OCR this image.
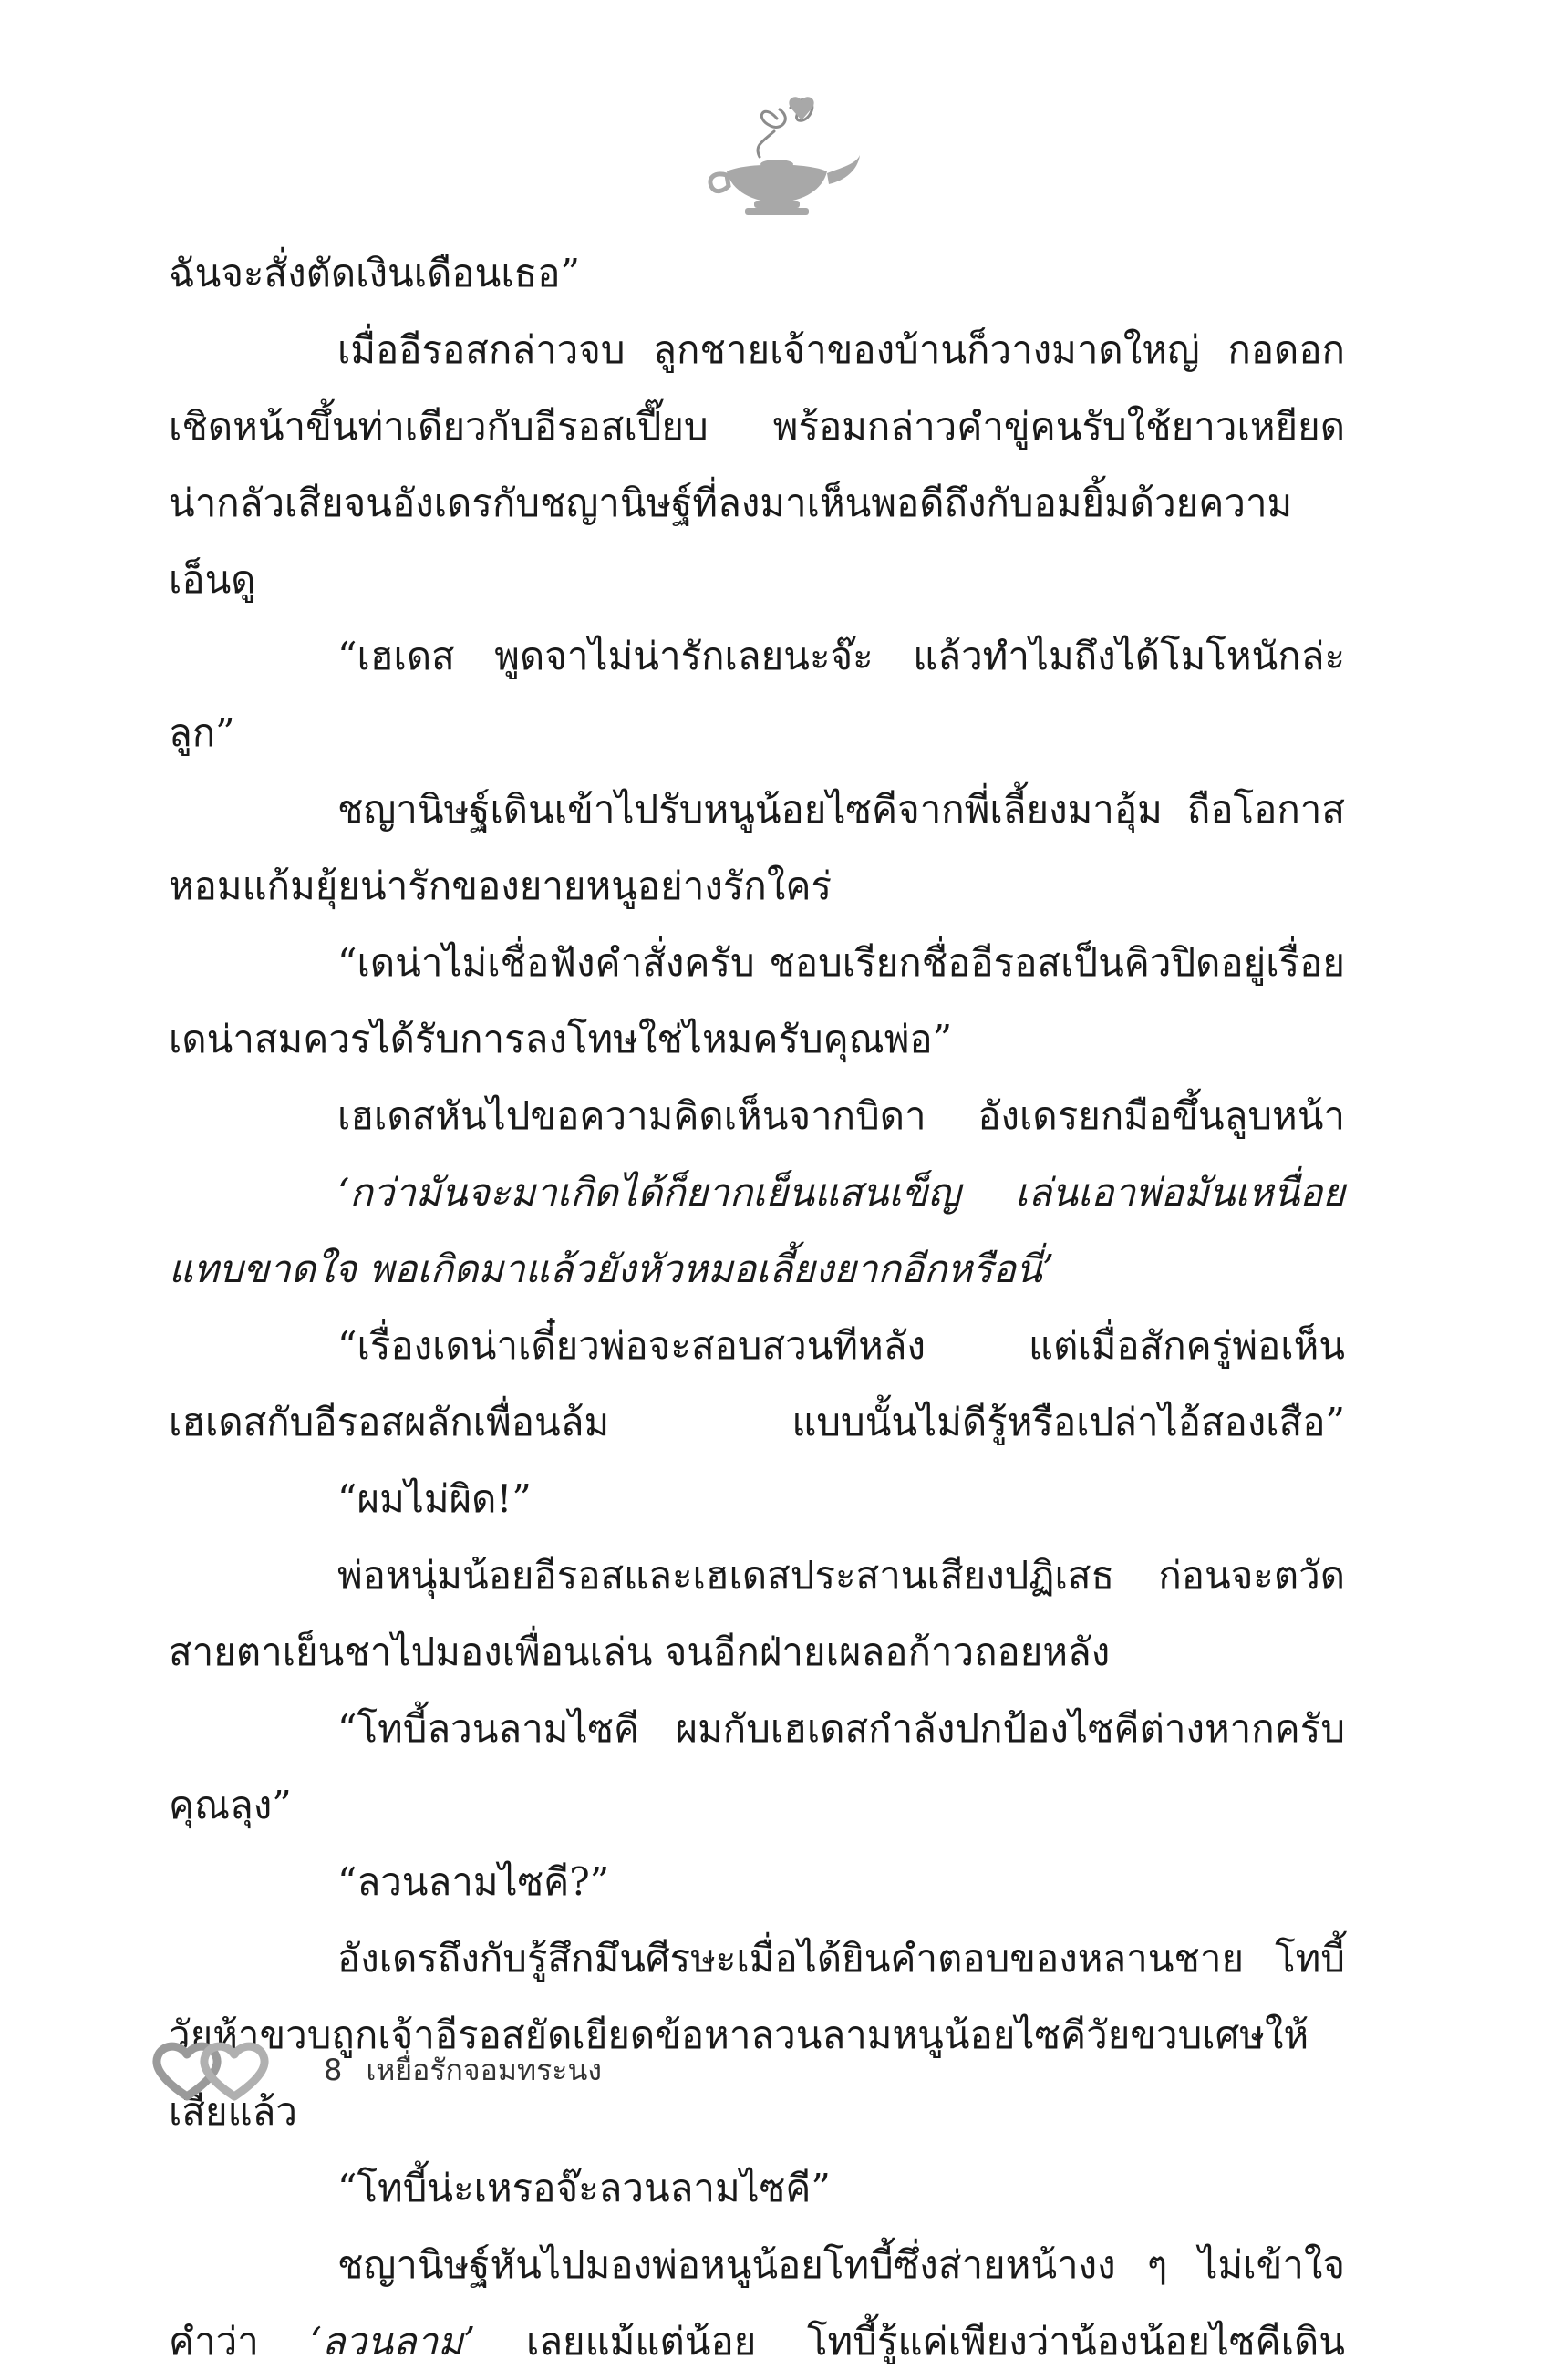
ฉันจะสั่งตัดเงินเดือนเธอ”
เมื่ออีรอสกล่าวจบ ลูกชายเจ้าของบ้านก็วางมาดใหญ่ กอดอก
เชิดหน้าขึ้นท่าเดียวกับอีรอสเปี๊ยบ พร้อมกล่าวคำขู่คนรับใช้ยาวเหยียด
น่ากลัวเสียจนอังเดรกับชญานิษฐ์ที่ลงมาเห็นพอดีถึงกับอมยิ้มด้วยความ
เอ็นดู
“เฮเดส พูดจาไม่น่ารักเลยนะจ๊ะ แล้วทำไมถึงได้โมโหนักล่ะ
ลูก”
ชญานิษฐ์เดินเข้าไปรับหนูน้อยไซคีจากพี่เลี้ยงมาอุ้ม ถือโอกาส
หอมแก้มยุ้ยน่ารักของยายหนูอย่างรักใคร่
“เดน่าไม่เชื่อฟังคำสั่งครับ ชอบเรียกชื่ออีรอสเป็นคิวปิดอยู่เรื่อย
เดน่าสมควรได้รับการลงโทษใช่ไหมครับคุณพ่อ”
เฮเดสหันไปขอความคิดเห็นจากบิดา อังเดรยกมือขึ้นลูบหน้า
‘กว่ามันจะมาเกิดได้ก็ยากเย็นแสนเข็ญ เล่นเอาพ่อมันเหนื่อย
แทบขาดใจ พอเกิดมาแล้วยังหัวหมอเลี้ยงยากอีกหรือนี่’
“เรื่องเดน่าเดี๋ยวพ่อจะสอบสวนทีหลัง แต่เมื่อสักครู่พ่อเห็น
เฮเดสกับอีรอสผลักเพื่อนล้ม แบบนั้นไม่ดีรู้หรือเปล่าไอ้สองเสือ”
“ผมไม่ผิด!”
พ่อหนุ่มน้อยอีรอสและเฮเดสประสานเสียงปฏิเสธ ก่อนจะตวัด
สายตาเย็นชาไปมองเพื่อนเล่น จนอีกฝ่ายเผลอก้าวถอยหลัง
“โทบี้ลวนลามไซคี ผมกับเฮเดสกำลังปกป้องไซคีต่างหากครับ
คุณลุง”
“ลวนลามไซคี?”
อังเดรถึงกับรู้สึกมึนศีรษะเมื่อได้ยินคำตอบของหลานชาย โทบี้
วัยห้าขวบถูกเจ้าอีรอสยัดเยียดข้อหาลวนลามหนูน้อยไซคีวัยขวบเศษให้
เสียแล้ว
“โทบี้น่ะเหรอจ๊ะลวนลามไซคี”
ชญานิษฐ์หันไปมองพ่อหนูน้อยโทบี้ซึ่งส่ายหน้างง ๆ ไม่เข้าใจ
คำว่า ‘ลวนลาม’ เลยแม้แต่น้อย โทบี้รู้แค่เพียงว่าน้องน้อยไซคีเดิน
8 เหยื่อรักจอมทระนง
